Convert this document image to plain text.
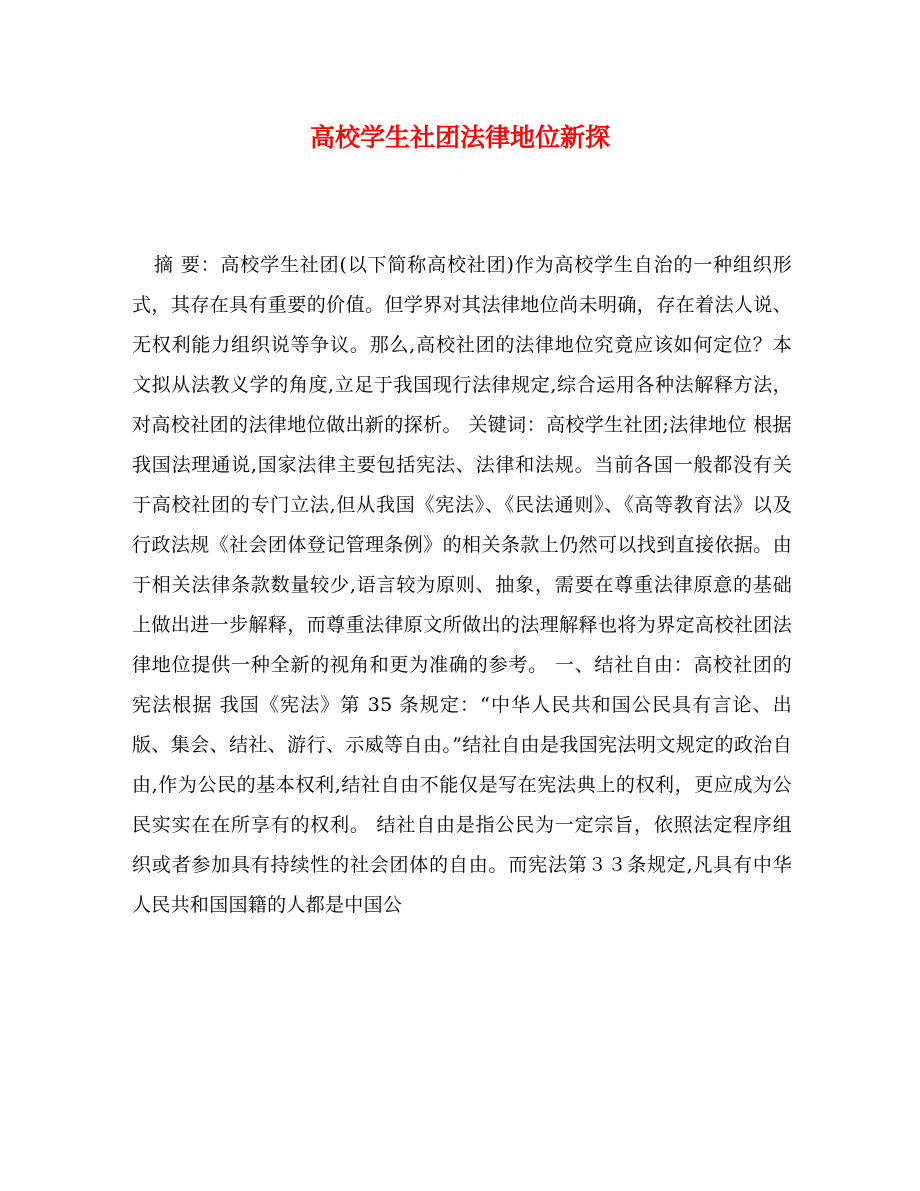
高校学生社团法律地位新探

摘 要：高校学生社团(以下简称高校社团)作为高校学生自治的一种组织形式，其存在具有重要的价值。但学界对其法律地位尚未明确，存在着法人说、无权利能力组织说等争议。那么,高校社团的法律地位究竟应该如何定位？本文拟从法教义学的角度,立足于我国现行法律规定,综合运用各种法解释方法，对高校社团的法律地位做出新的探析。 关键词：高校学生社团;法律地位 根据我国法理通说,国家法律主要包括宪法、法律和法规。当前各国一般都没有关于高校社团的专门立法,但从我国《宪法》、《民法通则》、《高等教育法》以及行政法规《社会团体登记管理条例》的相关条款上仍然可以找到直接依据。由于相关法律条款数量较少,语言较为原则、抽象，需要在尊重法律原意的基础上做出进一步解释，而尊重法律原文所做出的法理解释也将为界定高校社团法律地位提供一种全新的视角和更为准确的参考。 一、结社自由：高校社团的宪法根据 我国《宪法》第 35 条规定：“中华人民共和国公民具有言论、出版、集会、结社、游行、示威等自由。”结社自由是我国宪法明文规定的政治自由,作为公民的基本权利,结社自由不能仅是写在宪法典上的权利，更应成为公民实实在在所享有的权利。 结社自由是指公民为一定宗旨，依照法定程序组织或者参加具有持续性的社会团体的自由。而宪法第３３条规定,凡具有中华人民共和国国籍的人都是中国公
